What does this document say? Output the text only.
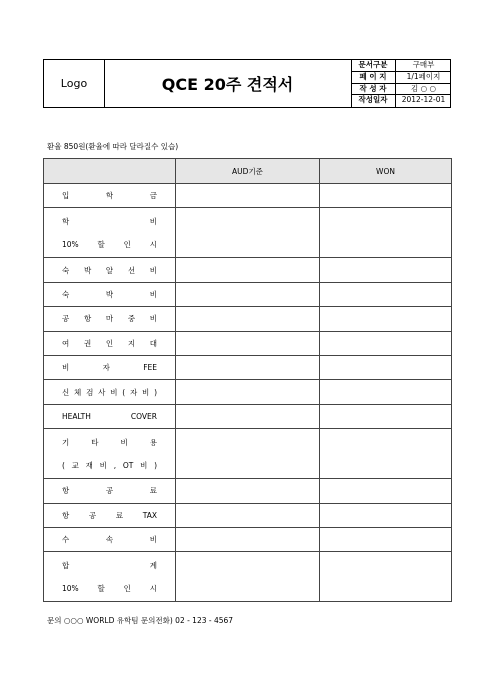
Logo	QCE 20주 견적서
문서구분	구매부
페 이 지	1/1페이지
작 성 자	김 ○ ○
작성일자	2012-12-01
환율 850원(환율에 따라 달라질수 있습)
	AUD기준	WON

입 학 금		

학 비
10% 할 인 시		

숙 박 알 선 비		

숙 박 비		

공 항 마 중 비		

여 권 인 지 대		

비 자 FEE		

신 체 검 사 비 ( 자 비 )		

HEALTH COVER		

기 타 비 용
( 교 재 비 , OT 비 )		

항 공 료		

항 공 료 TAX		

수 속 비		

합 계
10% 할 인 시		

문의 ○○○ WORLD 유학팀 문의전화) 02 - 123 - 4567
